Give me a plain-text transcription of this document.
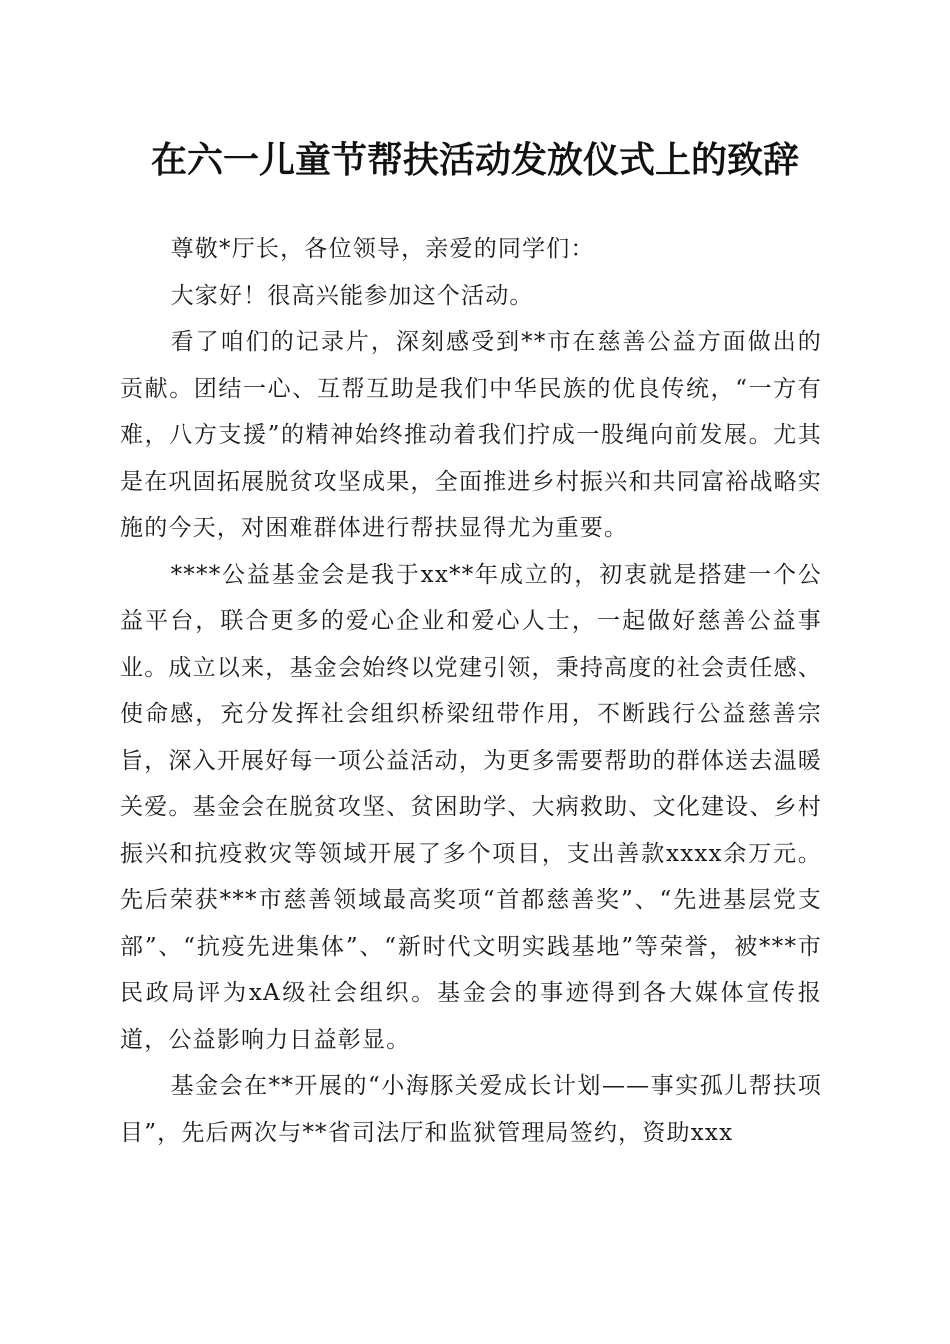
在六一儿童节帮扶活动发放仪式上的致辞

尊敬*厅长，各位领导，亲爱的同学们：

大家好！很高兴能参加这个活动。

看了咱们的记录片，深刻感受到**市在慈善公益方面做出的贡献。团结一心、互帮互助是我们中华民族的优良传统，“一方有难，八方支援”的精神始终推动着我们拧成一股绳向前发展。尤其是在巩固拓展脱贫攻坚成果，全面推进乡村振兴和共同富裕战略实施的今天，对困难群体进行帮扶显得尤为重要。

****公益基金会是我于xx**年成立的，初衷就是搭建一个公益平台，联合更多的爱心企业和爱心人士，一起做好慈善公益事业。成立以来，基金会始终以党建引领，秉持高度的社会责任感、使命感，充分发挥社会组织桥梁纽带作用，不断践行公益慈善宗旨，深入开展好每一项公益活动，为更多需要帮助的群体送去温暖关爱。基金会在脱贫攻坚、贫困助学、大病救助、文化建设、乡村振兴和抗疫救灾等领域开展了多个项目，支出善款xxxx余万元。先后荣获***市慈善领域最高奖项“首都慈善奖”、“先进基层党支部”、“抗疫先进集体”、“新时代文明实践基地”等荣誉，被***市民政局评为xA级社会组织。基金会的事迹得到各大媒体宣传报道，公益影响力日益彰显。

基金会在**开展的“小海豚关爱成长计划——事实孤儿帮扶项目”，先后两次与**省司法厅和监狱管理局签约，资助xxx
